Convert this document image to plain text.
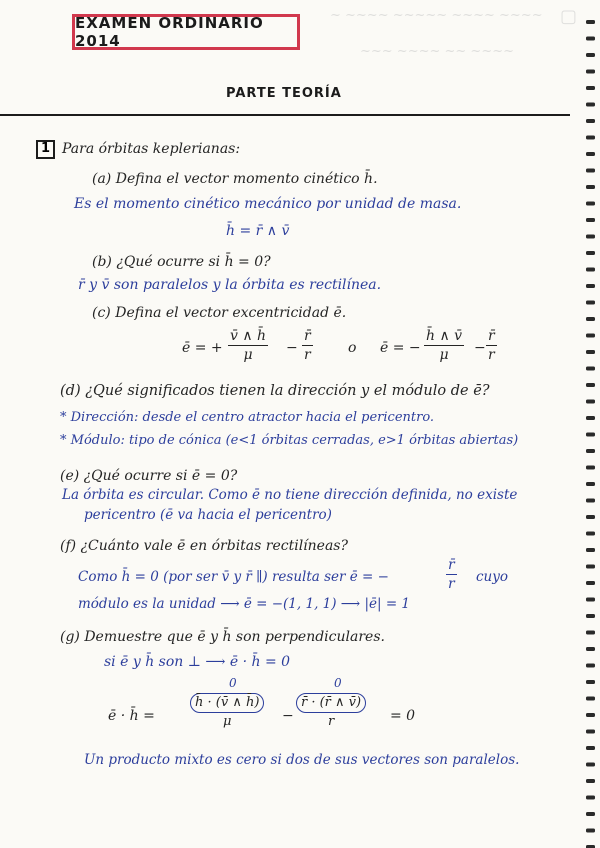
~ ~~~~ ~~~~~ ~~~~ ~~~~
~~~ ~~~~ ~~ ~~~~
▢
EXAMEN ORDINARIO 2014
PARTE TEORÍA
1 Para órbitas keplerianas:
(a) Defina el vector momento cinético h̄.
Es el momento cinético mecánico por unidad de masa.
h̄ = r̄ ∧ v̄
(b) ¿Qué ocurre si h̄ = 0?
r̄ y v̄ son paralelos y la órbita es rectilínea.
(c) Defina el vector excentricidad ē.
ē = + $\frac{v̄ \wedge h̄}{\mu} - \frac{r̄}{r}$	o ē = − $\frac{h̄ \wedge v̄}{\mu} - \frac{r̄}{r}$
(d) ¿Qué significados tienen la dirección y el módulo de ē?
* Dirección: desde el centro atractor hacia el pericentro.
* Módulo: tipo de cónica (e<1 órbitas cerradas, e>1 órbitas abiertas)
(e) ¿Qué ocurre si ē = 0?
La órbita es circular. Como ē no tiene dirección definida, no existe
pericentro (ē va hacia el pericentro)
(f) ¿Cuánto vale ē en órbitas rectilíneas?
Como h̄ = 0 (por ser v̄ y r̄ ∥) resulta ser ē = −	$\frac{r̄}{r}$ cuyo
módulo es la unidad ⟶ ē = −(1, 1, 1) ⟶ |ē| = 1
(g) Demuestre que ē y h̄ son perpendiculares.
si ē y h̄ son ⊥ ⟶ ē · h̄ = 0
ē · h̄ =
0
$\frac{h̄ \cdot (v̄ \wedge h̄)}{\mu}$ −
0
$\frac{r̄ \cdot (r̄ \wedge v̄)}{r} = 0$
Un producto mixto es cero si dos de sus vectores son paralelos.
